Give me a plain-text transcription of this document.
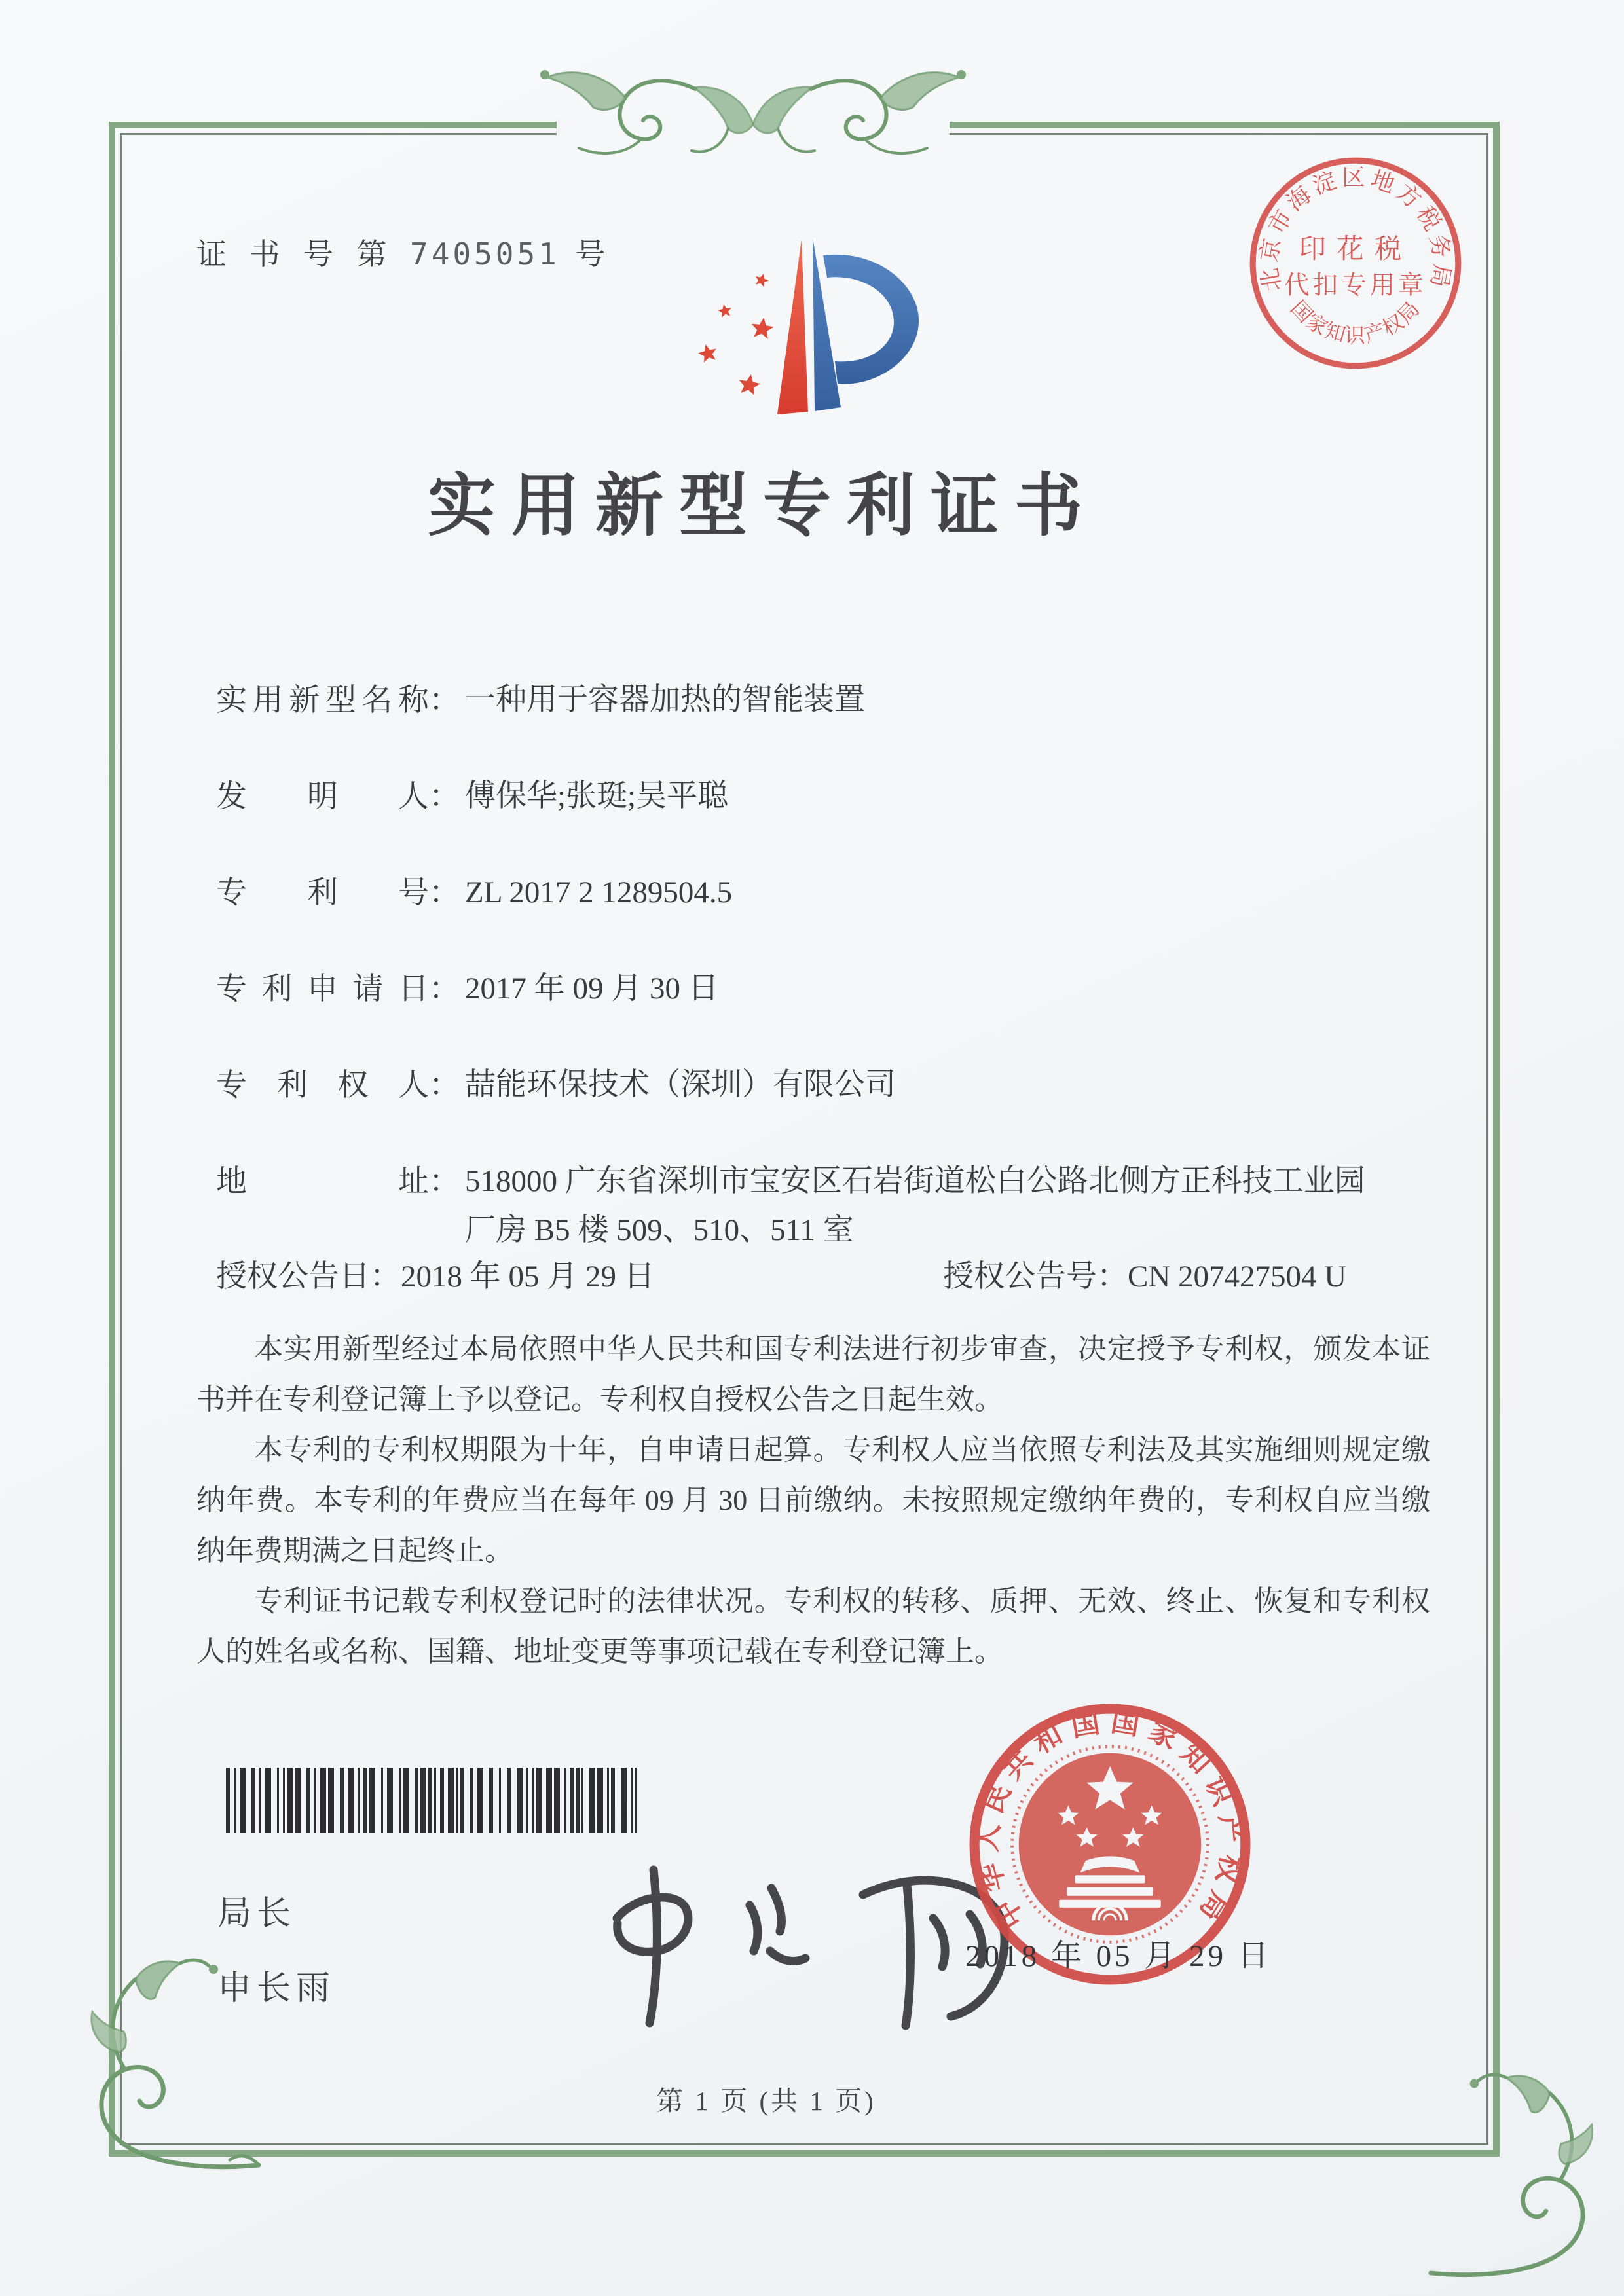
证 书 号 第 7405051 号
北京市海淀区地方税务局
国家知识产权局
印花税
代扣专用章
实用新型专利证书
实用新型名称 ： 一种用于容器加热的智能装置
发明人 ： 傅保华;张珽;吴平聪
专利号 ： ZL 2017 2 1289504.5
专利申请日 ： 2017 年 09 月 30 日
专利权人 ： 喆能环保技术（深圳）有限公司
地址 ： 518000 广东省深圳市宝安区石岩街道松白公路北侧方正科技工业园厂房 B5 楼 509、510、511 室
授权公告日：2018 年 05 月 29 日	授权公告号：CN 207427504 U

本实用新型经过本局依照中华人民共和国专利法进行初步审查，决定授予专利权，颁发本证书并在专利登记簿上予以登记。专利权自授权公告之日起生效。

本专利的专利权期限为十年，自申请日起算。专利权人应当依照专利法及其实施细则规定缴纳年费。本专利的年费应当在每年 09 月 30 日前缴纳。未按照规定缴纳年费的，专利权自应当缴纳年费期满之日起终止。

专利证书记载专利权登记时的法律状况。专利权的转移、质押、无效、终止、恢复和专利权人的姓名或名称、国籍、地址变更等事项记载在专利登记簿上。

局长
申长雨
中华人民共和国国家知识产权局
2018 年 05 月 29 日
第 1 页 (共 1 页)
